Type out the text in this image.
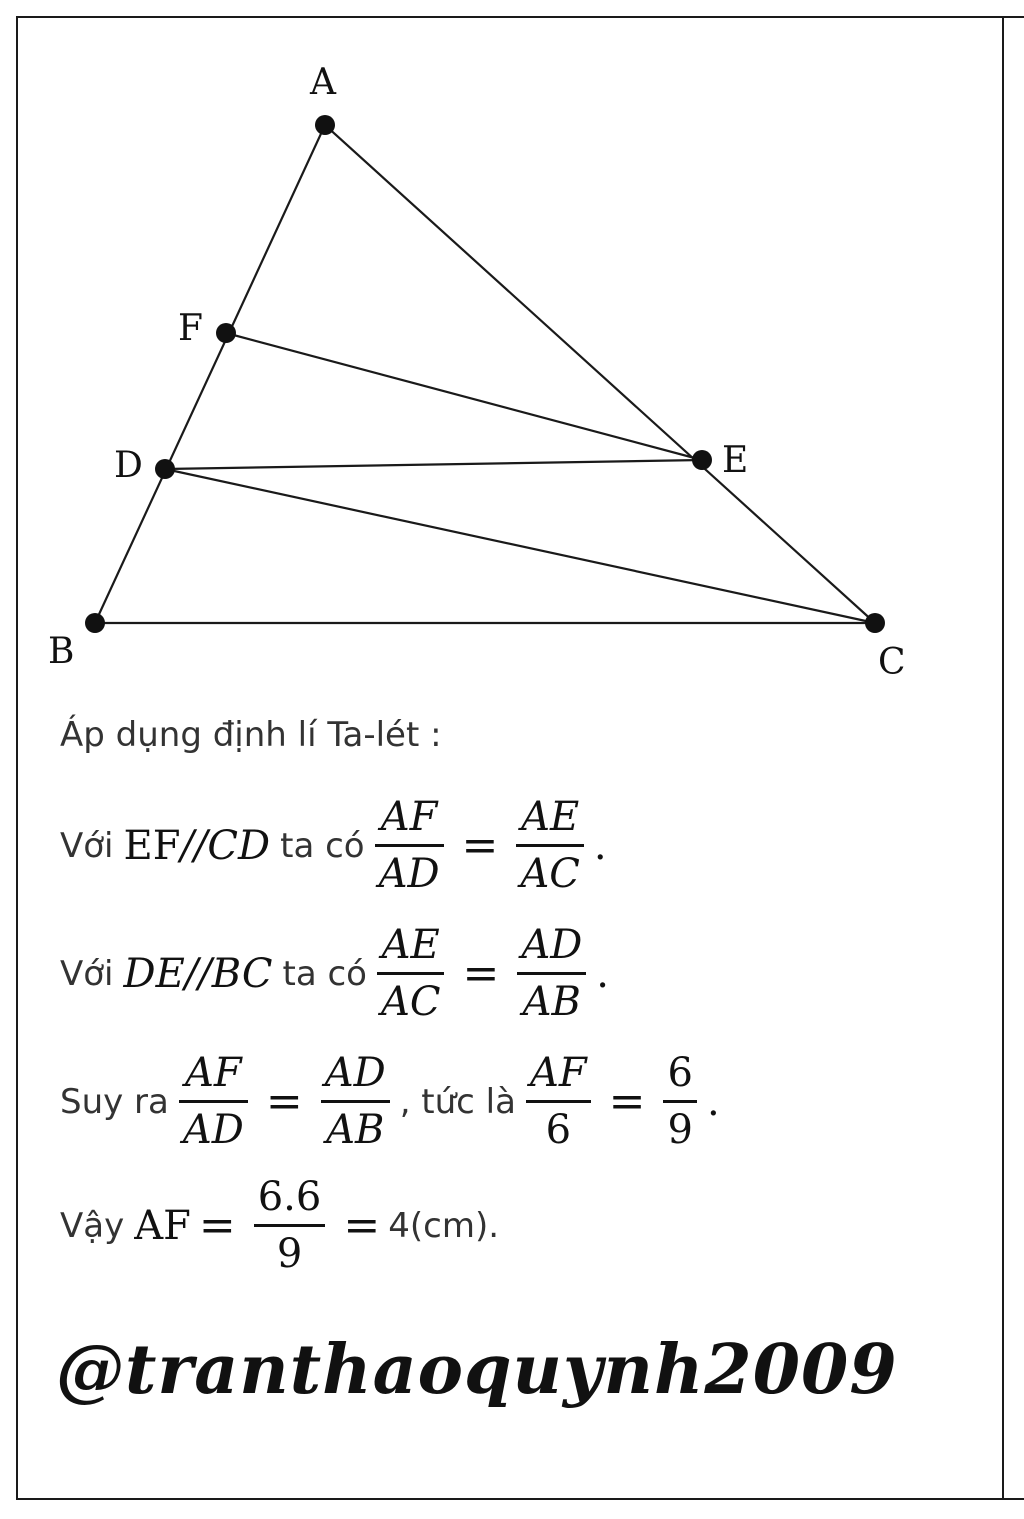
A
F
D	E
B	C
Áp dụng định lí Ta-lét :
Với EF //CD ta có $\frac{AF}{AD} = \frac{AE}{AC}$ .
Với DE//BC ta có $\frac{AE}{AC} = \frac{AD}{AB}$ .
Suy ra $\frac{AF}{AD} = \frac{AD}{AB}$ , tức là $\frac{AF}{6} = \frac{6}{9}$ .
Vậy AF = $\frac{6.6}{9} = 4(cm)$.
@tranthaoquynh2009
